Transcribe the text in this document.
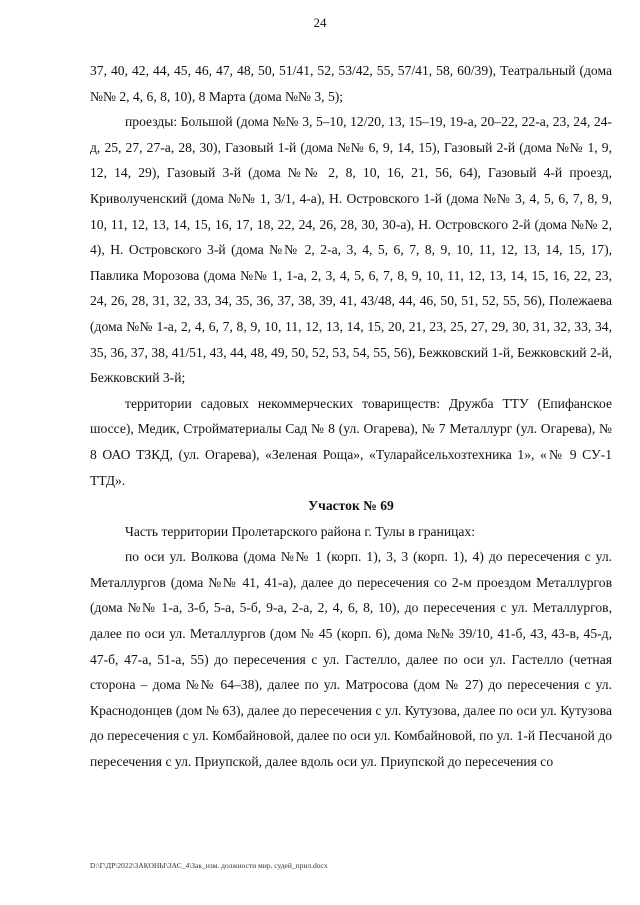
24

37, 40, 42, 44, 45, 46, 47, 48, 50, 51/41, 52, 53/42, 55, 57/41, 58, 60/39), Театральный (дома №№ 2, 4, 6, 8, 10), 8 Марта (дома №№ 3, 5);

проезды: Большой (дома №№ 3, 5–10, 12/20, 13, 15–19, 19-а, 20–22, 22-а, 23, 24, 24-д, 25, 27, 27-а, 28, 30), Газовый 1-й (дома №№ 6, 9, 14, 15), Газовый 2-й (дома №№ 1, 9, 12, 14, 29), Газовый 3-й (дома №№ 2, 8, 10, 16, 21, 56, 64), Газовый 4-й проезд, Криволученский (дома №№ 1, 3/1, 4-а), Н. Островского 1-й (дома №№ 3, 4, 5, 6, 7, 8, 9, 10, 11, 12, 13, 14, 15, 16, 17, 18, 22, 24, 26, 28, 30, 30-а), Н. Островского 2-й (дома №№ 2, 4), Н. Островского 3-й (дома №№ 2, 2-а, 3, 4, 5, 6, 7, 8, 9, 10, 11, 12, 13, 14, 15, 17), Павлика Морозова (дома №№ 1, 1-а, 2, 3, 4, 5, 6, 7, 8, 9, 10, 11, 12, 13, 14, 15, 16, 22, 23, 24, 26, 28, 31, 32, 33, 34, 35, 36, 37, 38, 39, 41, 43/48, 44, 46, 50, 51, 52, 55, 56), Полежаева (дома №№ 1-а, 2, 4, 6, 7, 8, 9, 10, 11, 12, 13, 14, 15, 20, 21, 23, 25, 27, 29, 30, 31, 32, 33, 34, 35, 36, 37, 38, 41/51, 43, 44, 48, 49, 50, 52, 53, 54, 55, 56), Бежковский 1-й, Бежковский 2-й, Бежковский 3-й;

территории садовых некоммерческих товариществ: Дружба ТТУ (Епифанское шоссе), Медик, Стройматериалы Сад № 8 (ул. Огарева), № 7 Металлург (ул. Огарева), № 8 ОАО ТЗКД, (ул. Огарева), «Зеленая Роща», «Туларайсельхозтехника 1», «№ 9 СУ-1 ТТД».

Участок № 69

Часть территории Пролетарского района г. Тулы в границах:

по оси ул. Волкова (дома №№ 1 (корп. 1), 3, 3 (корп. 1), 4) до пересечения с ул. Металлургов (дома №№ 41, 41-а), далее до пересечения со 2-м проездом Металлургов (дома №№ 1-а, 3-б, 5-а, 5-б, 9-а, 2-а, 2, 4, 6, 8, 10), до пересечения с ул. Металлургов, далее по оси ул. Металлургов (дом № 45 (корп. 6), дома №№ 39/10, 41-б, 43, 43-в, 45-д, 47-б, 47-а, 51-а, 55) до пересечения с ул. Гастелло, далее по оси ул. Гастелло (четная сторона – дома №№ 64–38), далее по ул. Матросова (дом № 27) до пересечения с ул. Краснодонцев (дом № 63), далее до пересечения с ул. Кутузова, далее по оси ул. Кутузова до пересечения с ул. Комбайновой, далее по оси ул. Комбайновой, по ул. 1-й Песчаной до пересечения с ул. Приупской, далее вдоль оси ул. Приупской до пересечения со

D:\Г\ДР\2022\ЗАКОНЫ\ЗАС_4\Зак_изм. должности мир. судей_прил.docx
